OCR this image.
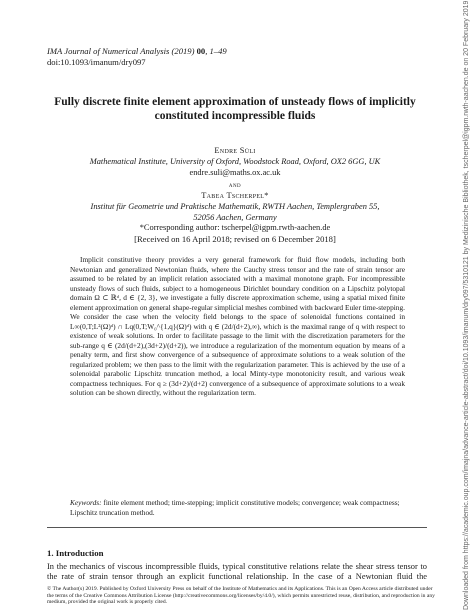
IMA Journal of Numerical Analysis (2019) 00, 1–49
doi:10.1093/imanum/dry097
Fully discrete finite element approximation of unsteady flows of implicitly constituted incompressible fluids
Endre Süli
Mathematical Institute, University of Oxford, Woodstock Road, Oxford, OX2 6GG, UK
endre.suli@maths.ox.ac.uk
and
Tabea Tscherpel*
Institut für Geometrie und Praktische Mathematik, RWTH Aachen, Templergraben 55,
52056 Aachen, Germany
*Corresponding author: tscherpel@igpm.rwth-aachen.de
[Received on 16 April 2018; revised on 6 December 2018]

Implicit constitutive theory provides a very general framework for fluid flow models, including both Newtonian and generalized Newtonian fluids, where the Cauchy stress tensor and the rate of strain tensor are assumed to be related by an implicit relation associated with a maximal monotone graph. For incompressible unsteady flows of such fluids, subject to a homogeneous Dirichlet boundary condition on a Lipschitz polytopal domain Ω ⊂ ℝᵈ, d ∈ {2, 3}, we investigate a fully discrete approximation scheme, using a spatial mixed finite element approximation on general shape-regular simplicial meshes combined with backward Euler time-stepping. We consider the case when the velocity field belongs to the space of solenoidal functions contained in L∞(0,T;L²(Ω)ᵈ) ∩ Lq(0,T;W₀^{1,q}(Ω)ᵈ) with q ∈ (2d/(d+2),∞), which is the maximal range of q with respect to existence of weak solutions. In order to facilitate passage to the limit with the discretization parameters for the sub-range q ∈ (2d/(d+2),(3d+2)/(d+2)), we introduce a regularization of the momentum equation by means of a penalty term, and first show convergence of a subsequence of approximate solutions to a weak solution of the regularized problem; we then pass to the limit with the regularization parameter. This is achieved by the use of a solenoidal parabolic Lipschitz truncation method, a local Minty-type monotonicity result, and various weak compactness techniques. For q ≥ (3d+2)/(d+2) convergence of a subsequence of approximate solutions to a weak solution can be shown directly, without the regularization term.

Keywords: finite element method; time-stepping; implicit constitutive models; convergence; weak compactness; Lipschitz truncation method.
1. Introduction
In the mechanics of viscous incompressible fluids, typical constitutive relations relate the shear stress tensor to the rate of strain tensor through an explicit functional relationship. In the case of a Newtonian fluid the
© The Author(s) 2019. Published by Oxford University Press on behalf of the Institute of Mathematics and its Applications. This is an Open Access article distributed under the terms of the Creative Commons Attribution License (http://creativecommons.org/licenses/by/4.0/), which permits unrestricted reuse, distribution, and reproduction in any medium, provided the original work is properly cited.	Downloaded from https://academic.oup.com/imajna/advance-article-abstract/doi/10.1093/imanum/dry097/5310121 by Medizinische Bibliothek, tscherpel@igpm.rwth-aachen.de on 20 February 2019
